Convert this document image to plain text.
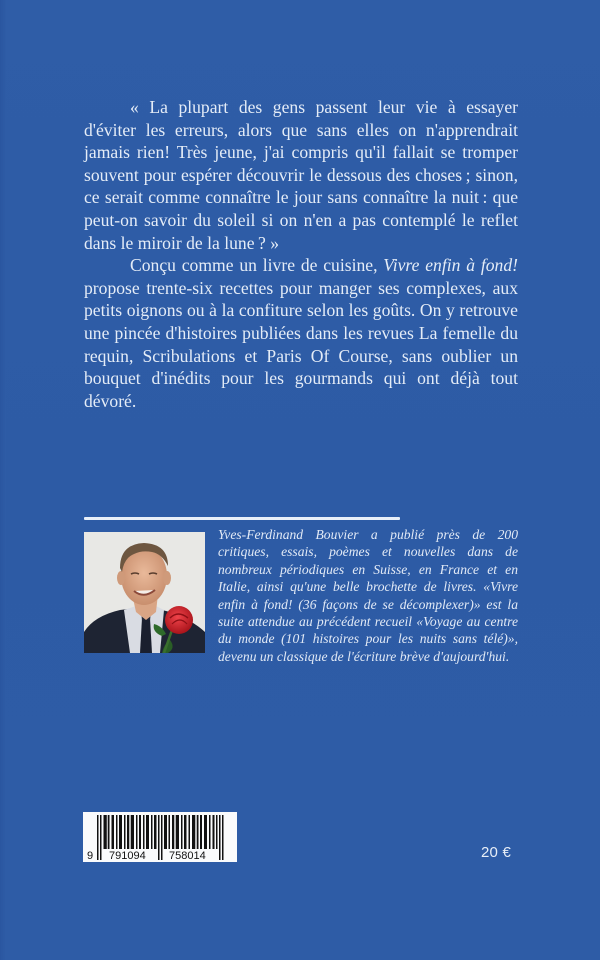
« La plupart des gens passent leur vie à essayer d'éviter les erreurs, alors que sans elles on n'apprendrait jamais rien! Très jeune, j'ai compris qu'il fallait se tromper souvent pour espérer découvrir le dessous des choses ; sinon, ce serait comme connaître le jour sans connaître la nuit : que peut-on savoir du soleil si on n'en a pas contemplé le reflet dans le miroir de la lune ? »

Conçu comme un livre de cuisine, Vivre enfin à fond! propose trente-six recettes pour manger ses complexes, aux petits oignons ou à la confiture selon les goûts. On y retrouve une pincée d'histoires publiées dans les revues La femelle du requin, Scribulations et Paris Of Course, sans oublier un bouquet d'inédits pour les gourmands qui ont déjà tout dévoré.

Yves-Ferdinand Bouvier a publié près de 200 critiques, essais, poèmes et nouvelles dans de nombreux périodiques en Suisse, en France et en Italie, ainsi qu'une belle brochette de livres. «Vivre enfin à fond! (36 façons de se décomplexer)» est la suite attendue au précédent recueil «Voyage au centre du monde (101 histoires pour les nuits sans télé)», devenu un classique de l'écriture brève d'aujourd'hui.

9 791094 758014	20 €
